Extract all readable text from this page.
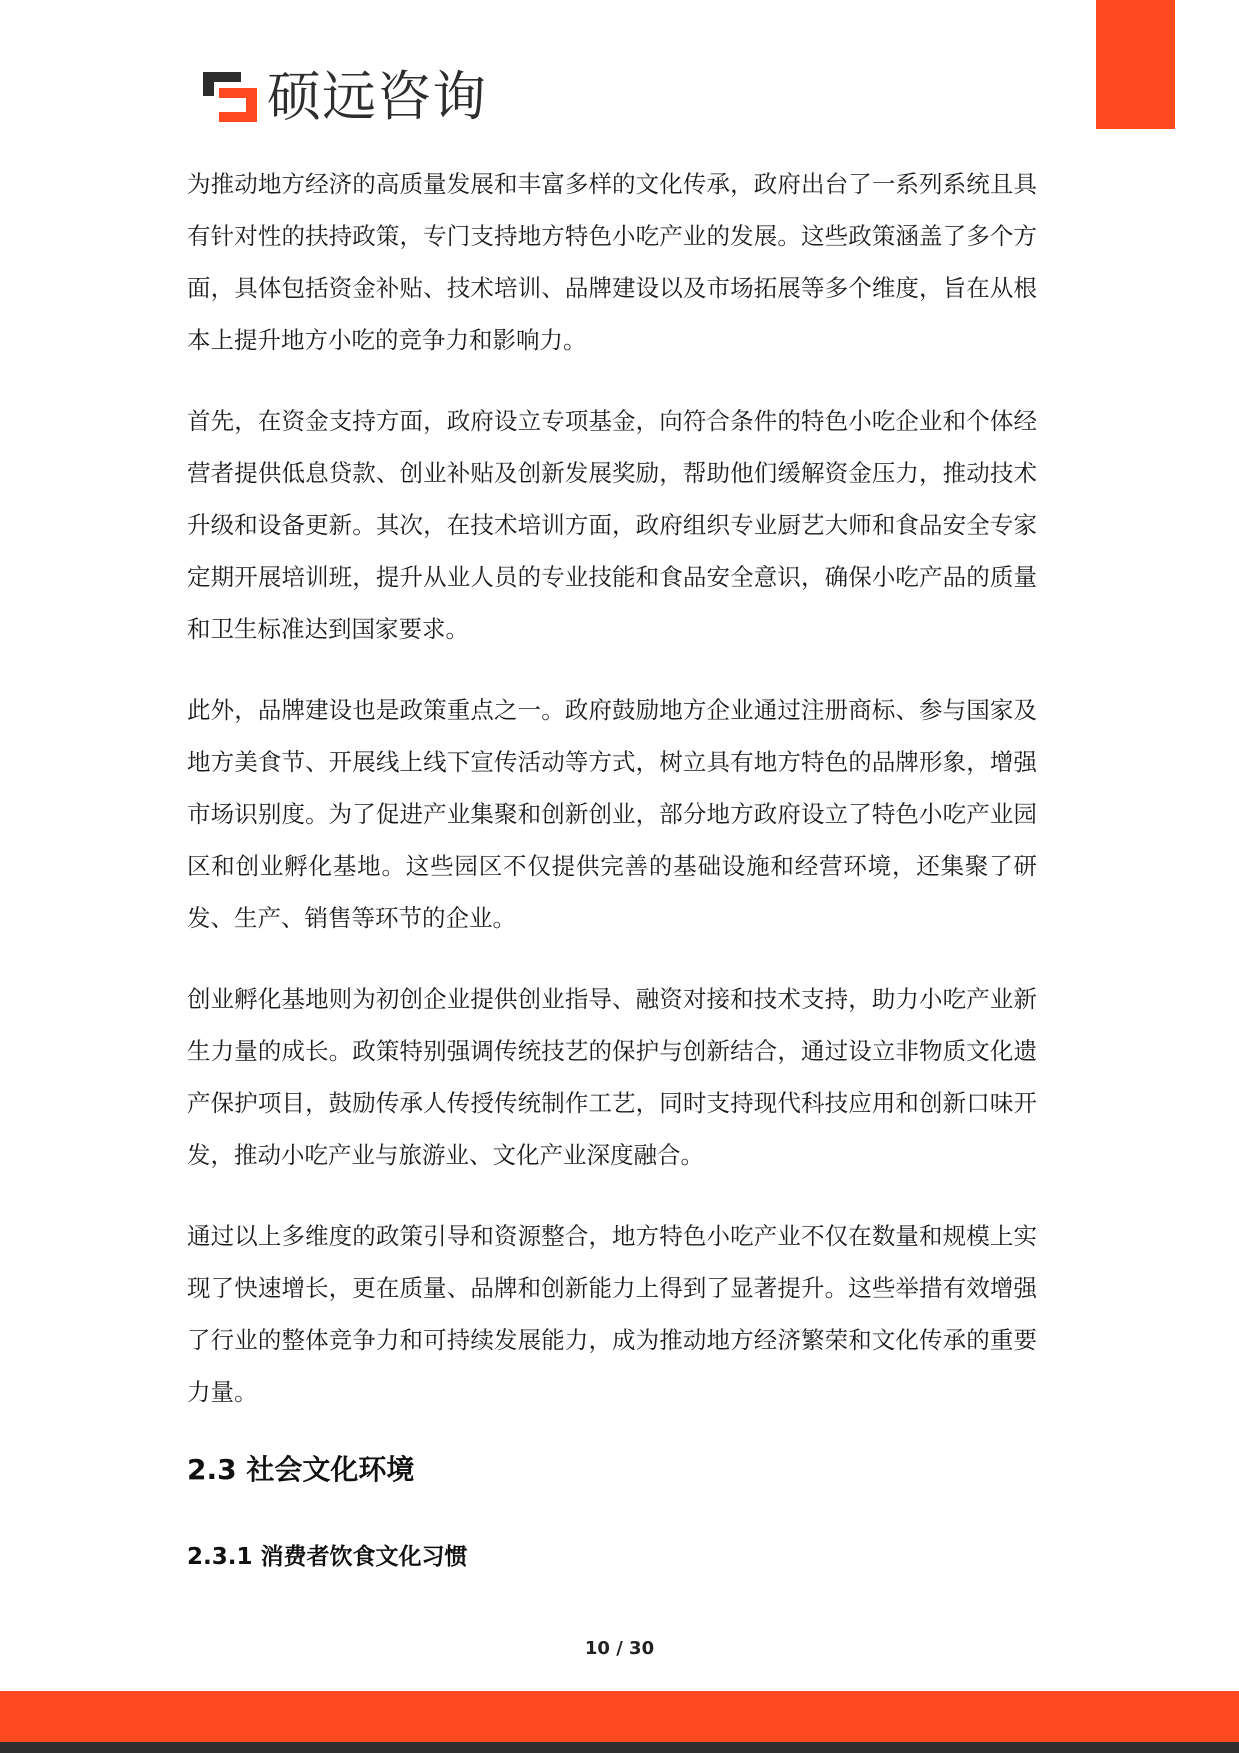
硕远咨询

为推动地方经济的高质量发展和丰富多样的文化传承，政府出台了一系列系统且具有针对性的扶持政策，专门支持地方特色小吃产业的发展。这些政策涵盖了多个方面，具体包括资金补贴、技术培训、品牌建设以及市场拓展等多个维度，旨在从根本上提升地方小吃的竞争力和影响力。

首先，在资金支持方面，政府设立专项基金，向符合条件的特色小吃企业和个体经营者提供低息贷款、创业补贴及创新发展奖励，帮助他们缓解资金压力，推动技术升级和设备更新。其次，在技术培训方面，政府组织专业厨艺大师和食品安全专家定期开展培训班，提升从业人员的专业技能和食品安全意识，确保小吃产品的质量和卫生标准达到国家要求。

此外，品牌建设也是政策重点之一。政府鼓励地方企业通过注册商标、参与国家及地方美食节、开展线上线下宣传活动等方式，树立具有地方特色的品牌形象，增强市场识别度。为了促进产业集聚和创新创业，部分地方政府设立了特色小吃产业园区和创业孵化基地。这些园区不仅提供完善的基础设施和经营环境，还集聚了研发、生产、销售等环节的企业。

创业孵化基地则为初创企业提供创业指导、融资对接和技术支持，助力小吃产业新生力量的成长。政策特别强调传统技艺的保护与创新结合，通过设立非物质文化遗产保护项目，鼓励传承人传授传统制作工艺，同时支持现代科技应用和创新口味开发，推动小吃产业与旅游业、文化产业深度融合。

通过以上多维度的政策引导和资源整合，地方特色小吃产业不仅在数量和规模上实现了快速增长，更在质量、品牌和创新能力上得到了显著提升。这些举措有效增强了行业的整体竞争力和可持续发展能力，成为推动地方经济繁荣和文化传承的重要力量。

2.3 社会文化环境
2.3.1 消费者饮食文化习惯
10 / 30
